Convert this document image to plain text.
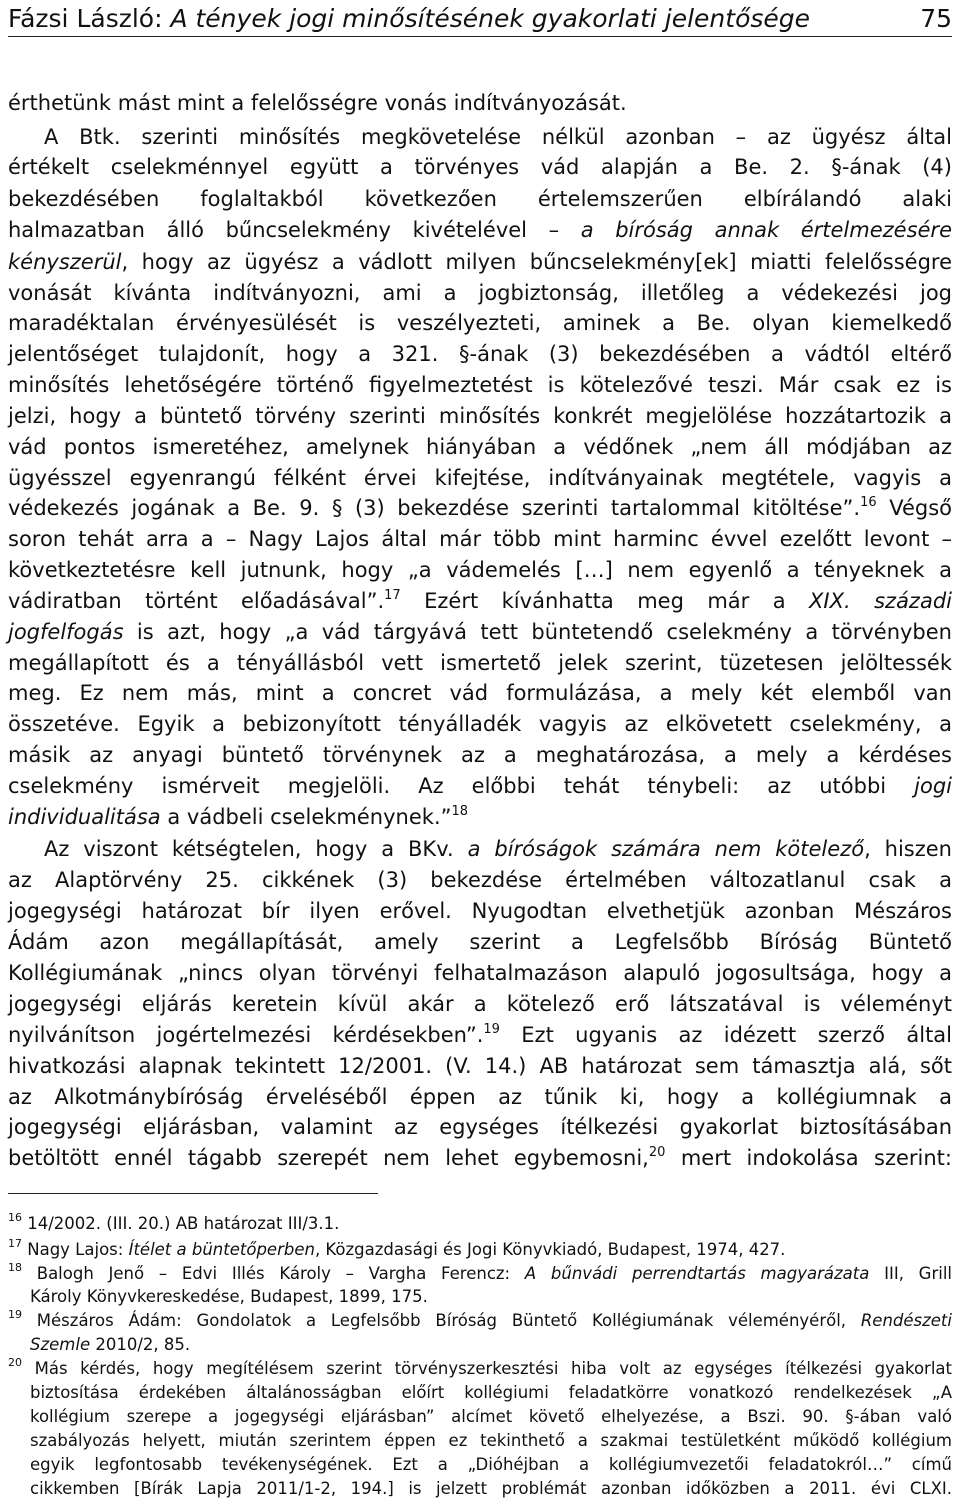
Fázsi László: A tények jogi minősítésének gyakorlati jelentősége	75
érthetünk mást mint a felelősségre vonás indítványozását.
A Btk. szerinti minősítés megkövetelése nélkül azonban – az ügyész által
értékelt cselekménnyel együtt a törvényes vád alapján a Be. 2. §-ának (4)
bekezdésében foglaltakból következően értelemszerűen elbírálandó alaki
halmazatban álló bűncselekmény kivételével – a bíróság annak értelmezésére
kényszerül, hogy az ügyész a vádlott milyen bűncselekmény[ek] miatti felelősségre
vonását kívánta indítványozni, ami a jogbiztonság, illetőleg a védekezési jog
maradéktalan érvényesülését is veszélyezteti, aminek a Be. olyan kiemelkedő
jelentőséget tulajdonít, hogy a 321. §-ának (3) bekezdésében a vádtól eltérő
minősítés lehetőségére történő figyelmeztetést is kötelezővé teszi. Már csak ez is
jelzi, hogy a büntető törvény szerinti minősítés konkrét megjelölése hozzátartozik a
vád pontos ismeretéhez, amelynek hiányában a védőnek „nem áll módjában az
ügyésszel egyenrangú félként érvei kifejtése, indítványainak megtétele, vagyis a
védekezés jogának a Be. 9. § (3) bekezdése szerinti tartalommal kitöltése”.$^{16}$ Végső
soron tehát arra a – Nagy Lajos által már több mint harminc évvel ezelőtt levont –
következtetésre kell jutnunk, hogy „a vádemelés […] nem egyenlő a tényeknek a
vádiratban történt előadásával”.$^{17}$ Ezért kívánhatta meg már a XIX. századi
jogfelfogás is azt, hogy „a vád tárgyává tett büntetendő cselekmény a törvényben
megállapított és a tényállásból vett ismertető jelek szerint, tüzetesen jelöltessék
meg. Ez nem más, mint a concret vád formulázása, a mely két elemből van
összetéve. Egyik a bebizonyított tényálladék vagyis az elkövetett cselekmény, a
másik az anyagi büntető törvénynek az a meghatározása, a mely a kérdéses
cselekmény ismérveit megjelöli. Az előbbi tehát ténybeli: az utóbbi jogi
individualitása a vádbeli cselekménynek.”$^{18}$
Az viszont kétségtelen, hogy a BKv. a bíróságok számára nem kötelező, hiszen
az Alaptörvény 25. cikkének (3) bekezdése értelmében változatlanul csak a
jogegységi határozat bír ilyen erővel. Nyugodtan elvethetjük azonban Mészáros
Ádám azon megállapítását, amely szerint a Legfelsőbb Bíróság Büntető
Kollégiumának „nincs olyan törvényi felhatalmazáson alapuló jogosultsága, hogy a
jogegységi eljárás keretein kívül akár a kötelező erő látszatával is véleményt
nyilvánítson jogértelmezési kérdésekben”.$^{19}$ Ezt ugyanis az idézett szerző által
hivatkozási alapnak tekintett 12/2001. (V. 14.) AB határozat sem támasztja alá, sőt
az Alkotmánybíróság érveléséből éppen az tűnik ki, hogy a kollégiumnak a
jogegységi eljárásban, valamint az egységes ítélkezési gyakorlat biztosításában
betöltött ennél tágabb szerepét nem lehet egybemosni,$^{20}$ mert indokolása szerint:
$^{16}$ 14/2002. (III. 20.) AB határozat III/3.1.
$^{17}$ Nagy Lajos: Ítélet a büntetőperben, Közgazdasági és Jogi Könyvkiadó, Budapest, 1974, 427.
$^{18}$ Balogh Jenő – Edvi Illés Károly – Vargha Ferencz: A bűnvádi perrendtartás magyarázata III, Grill
Károly Könyvkereskedése, Budapest, 1899, 175.
$^{19}$ Mészáros Ádám: Gondolatok a Legfelsőbb Bíróság Büntető Kollégiumának véleményéről, Rendészeti
Szemle 2010/2, 85.
$^{20}$ Más kérdés, hogy megítélésem szerint törvényszerkesztési hiba volt az egységes ítélkezési gyakorlat
biztosítása érdekében általánosságban előírt kollégiumi feladatkörre vonatkozó rendelkezések „A
kollégium szerepe a jogegységi eljárásban” alcímet követő elhelyezése, a Bszi. 90. §-ában való
szabályozás helyett, miután szerintem éppen ez tekinthető a szakmai testületként működő kollégium
egyik legfontosabb tevékenységének. Ezt a „Dióhéjban a kollégiumvezetői feladatokról…” című
cikkemben [Bírák Lapja 2011/1-2, 194.] is jelzett problémát azonban időközben a 2011. évi CLXI.
